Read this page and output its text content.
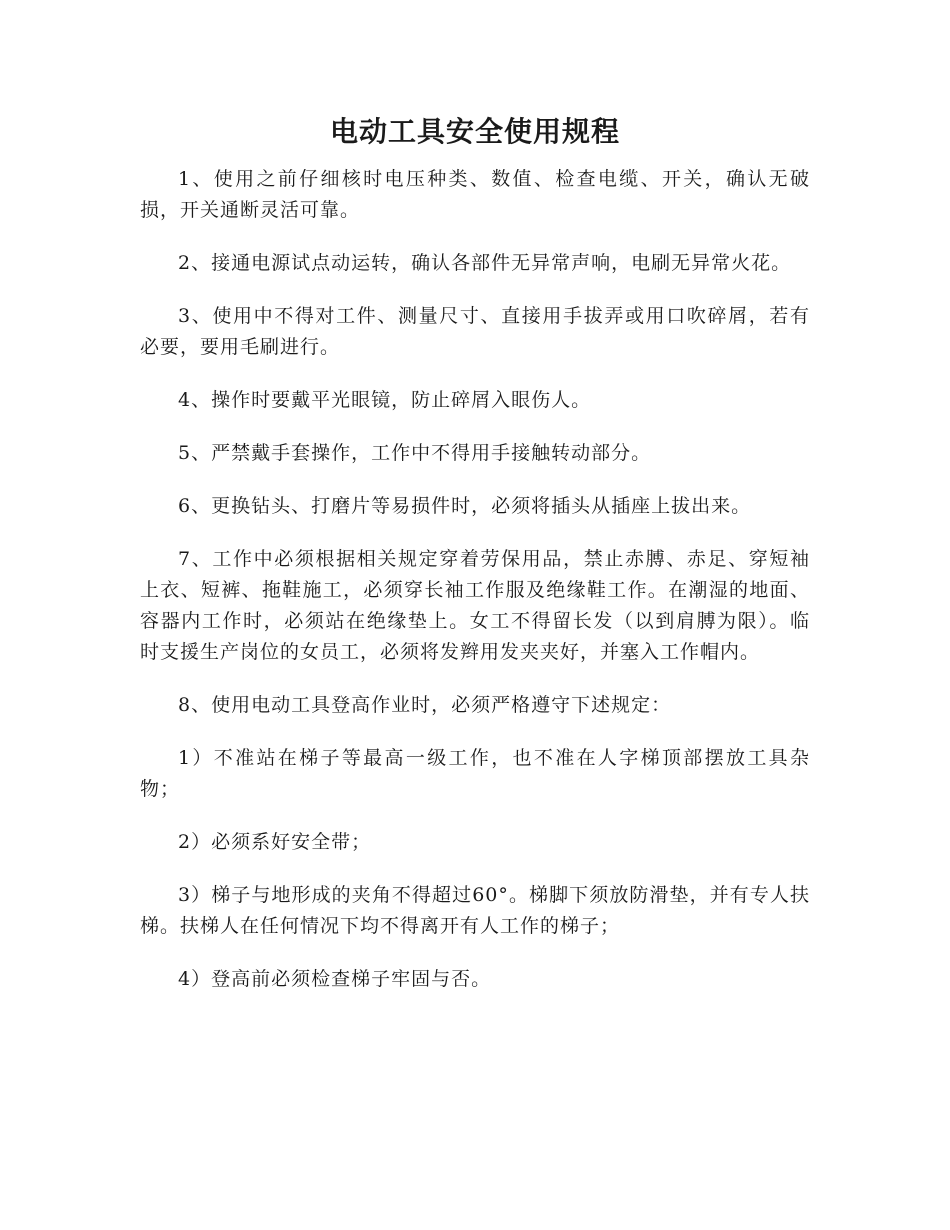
电动工具安全使用规程

1、使用之前仔细核时电压种类、数值、检查电缆、开关，确认无破损，开关通断灵活可靠。

2、接通电源试点动运转，确认各部件无异常声响，电刷无异常火花。

3、使用中不得对工件、测量尺寸、直接用手拔弄或用口吹碎屑，若有必要，要用毛刷进行。

4、操作时要戴平光眼镜，防止碎屑入眼伤人。

5、严禁戴手套操作，工作中不得用手接触转动部分。

6、更换钻头、打磨片等易损件时，必须将插头从插座上拔出来。

7、工作中必须根据相关规定穿着劳保用品，禁止赤膊、赤足、穿短袖上衣、短裤、拖鞋施工，必须穿长袖工作服及绝缘鞋工作。在潮湿的地面、容器内工作时，必须站在绝缘垫上。女工不得留长发（以到肩膊为限）。临时支援生产岗位的女员工，必须将发辫用发夹夹好，并塞入工作帽内。

8、使用电动工具登高作业时，必须严格遵守下述规定：

1）不准站在梯子等最高一级工作，也不准在人字梯顶部摆放工具杂物；

2）必须系好安全带；

3）梯子与地形成的夹角不得超过60°。梯脚下须放防滑垫，并有专人扶梯。扶梯人在任何情况下均不得离开有人工作的梯子；

4）登高前必须检查梯子牢固与否。
